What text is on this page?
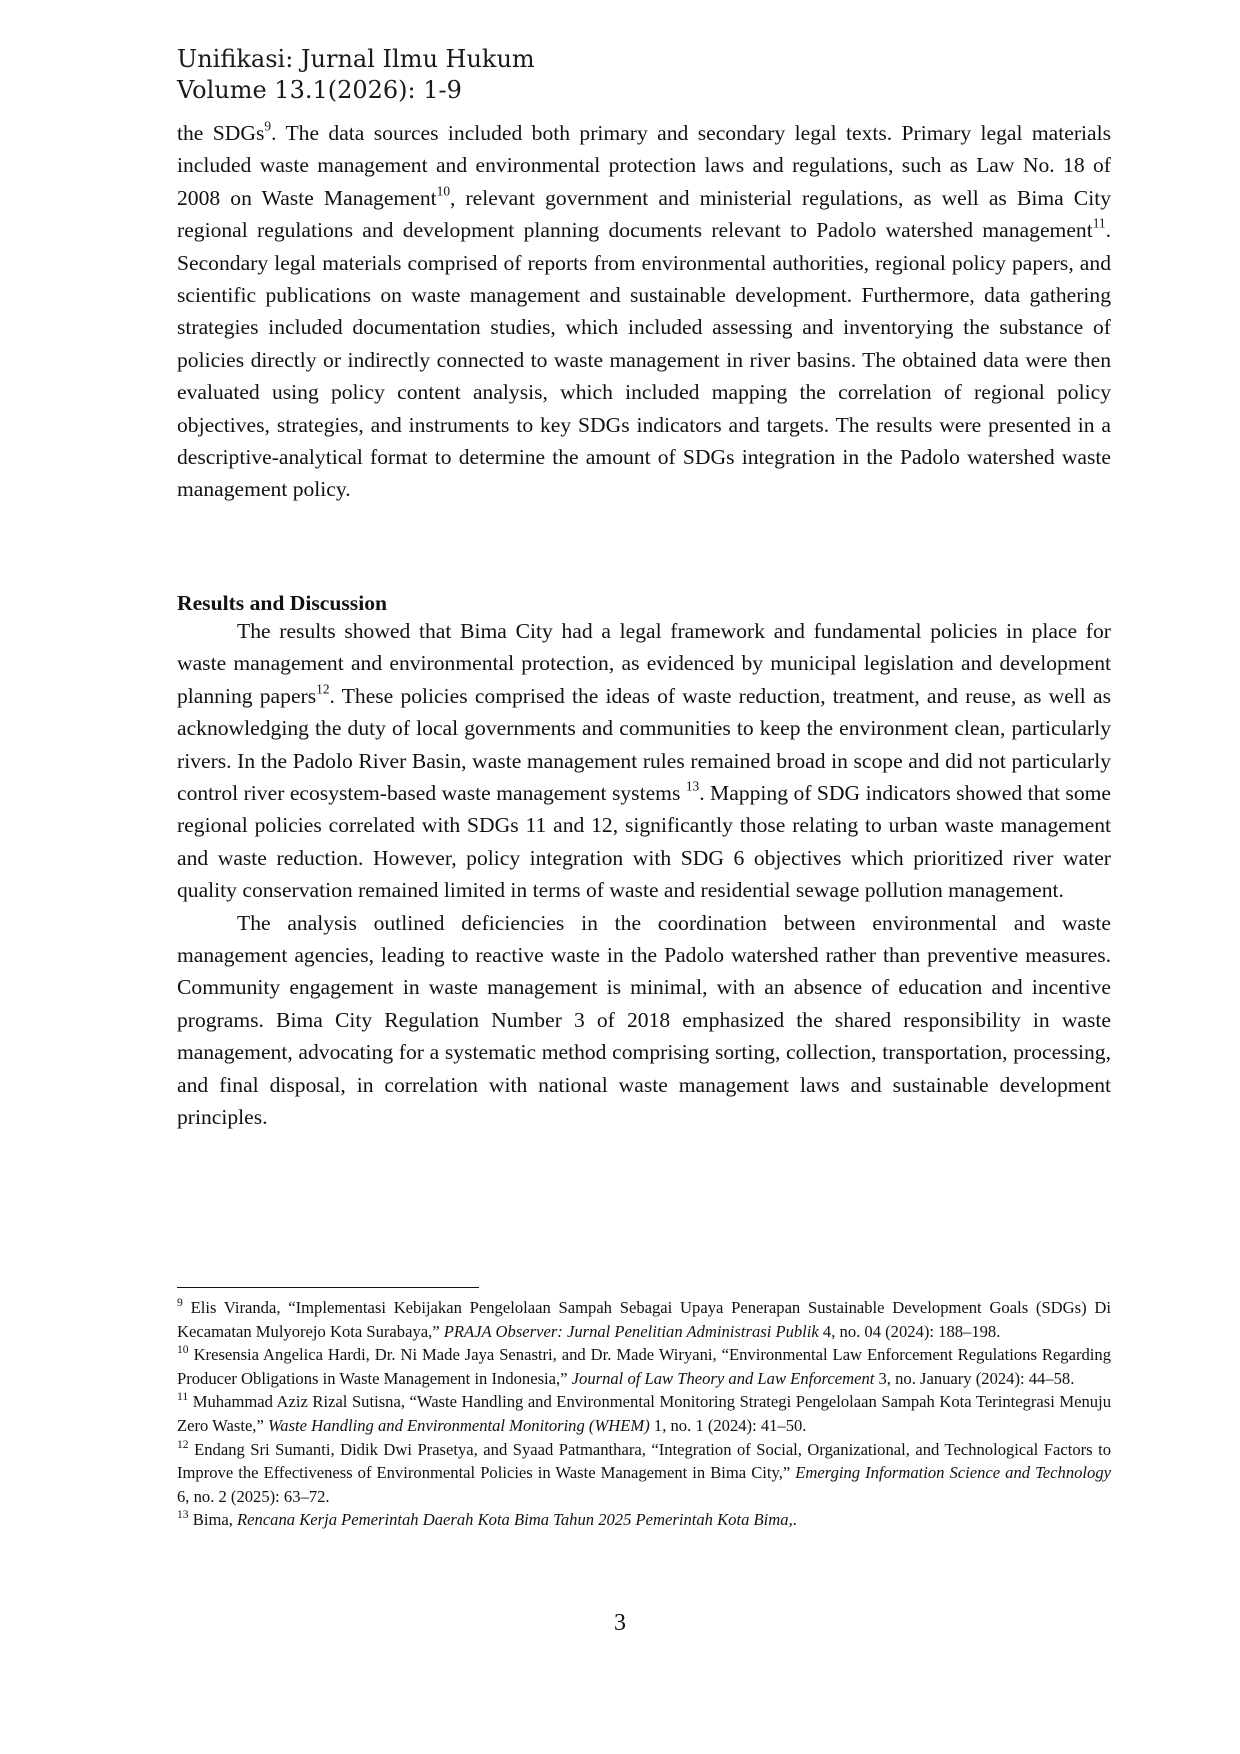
Unifikasi: Jurnal Ilmu Hukum
Volume 13.1(2026): 1-9

the SDGs$^9$. The data sources included both primary and secondary legal texts. Primary legal materials included waste management and environmental protection laws and regulations, such as Law No. 18 of 2008 on Waste Management$^{10}$, relevant government and ministerial regulations, as well as Bima City regional regulations and development planning documents relevant to Padolo watershed management$^{11}$. Secondary legal materials comprised of reports from environmental authorities, regional policy papers, and scientific publications on waste management and sustainable development. Furthermore, data gathering strategies included documentation studies, which included assessing and inventorying the substance of policies directly or indirectly connected to waste management in river basins. The obtained data were then evaluated using policy content analysis, which included mapping the correlation of regional policy objectives, strategies, and instruments to key SDGs indicators and targets. The results were presented in a descriptive-analytical format to determine the amount of SDGs integration in the Padolo watershed waste management policy.

Results and Discussion

The results showed that Bima City had a legal framework and fundamental policies in place for waste management and environmental protection, as evidenced by municipal legislation and development planning papers$^{12}$. These policies comprised the ideas of waste reduction, treatment, and reuse, as well as acknowledging the duty of local governments and communities to keep the environment clean, particularly rivers. In the Padolo River Basin, waste management rules remained broad in scope and did not particularly control river ecosystem-based waste management systems $^{13}$. Mapping of SDG indicators showed that some regional policies correlated with SDGs 11 and 12, significantly those relating to urban waste management and waste reduction. However, policy integration with SDG 6 objectives which prioritized river water quality conservation remained limited in terms of waste and residential sewage pollution management.

The analysis outlined deficiencies in the coordination between environmental and waste management agencies, leading to reactive waste in the Padolo watershed rather than preventive measures. Community engagement in waste management is minimal, with an absence of education and incentive programs. Bima City Regulation Number 3 of 2018 emphasized the shared responsibility in waste management, advocating for a systematic method comprising sorting, collection, transportation, processing, and final disposal, in correlation with national waste management laws and sustainable development principles.

$^9$ Elis Viranda, “Implementasi Kebijakan Pengelolaan Sampah Sebagai Upaya Penerapan Sustainable Development Goals (SDGs) Di Kecamatan Mulyorejo Kota Surabaya,” PRAJA Observer: Jurnal Penelitian Administrasi Publik 4, no. 04 (2024): 188–198.

$^{10}$ Kresensia Angelica Hardi, Dr. Ni Made Jaya Senastri, and Dr. Made Wiryani, “Environmental Law Enforcement Regulations Regarding Producer Obligations in Waste Management in Indonesia,” Journal of Law Theory and Law Enforcement 3, no. January (2024): 44–58.

$^{11}$ Muhammad Aziz Rizal Sutisna, “Waste Handling and Environmental Monitoring Strategi Pengelolaan Sampah Kota Terintegrasi Menuju Zero Waste,” Waste Handling and Environmental Monitoring (WHEM) 1, no. 1 (2024): 41–50.

$^{12}$ Endang Sri Sumanti, Didik Dwi Prasetya, and Syaad Patmanthara, “Integration of Social, Organizational, and Technological Factors to Improve the Effectiveness of Environmental Policies in Waste Management in Bima City,” Emerging Information Science and Technology 6, no. 2 (2025): 63–72.

$^{13}$ Bima, Rencana Kerja Pemerintah Daerah Kota Bima Tahun 2025 Pemerintah Kota Bima,.

3
